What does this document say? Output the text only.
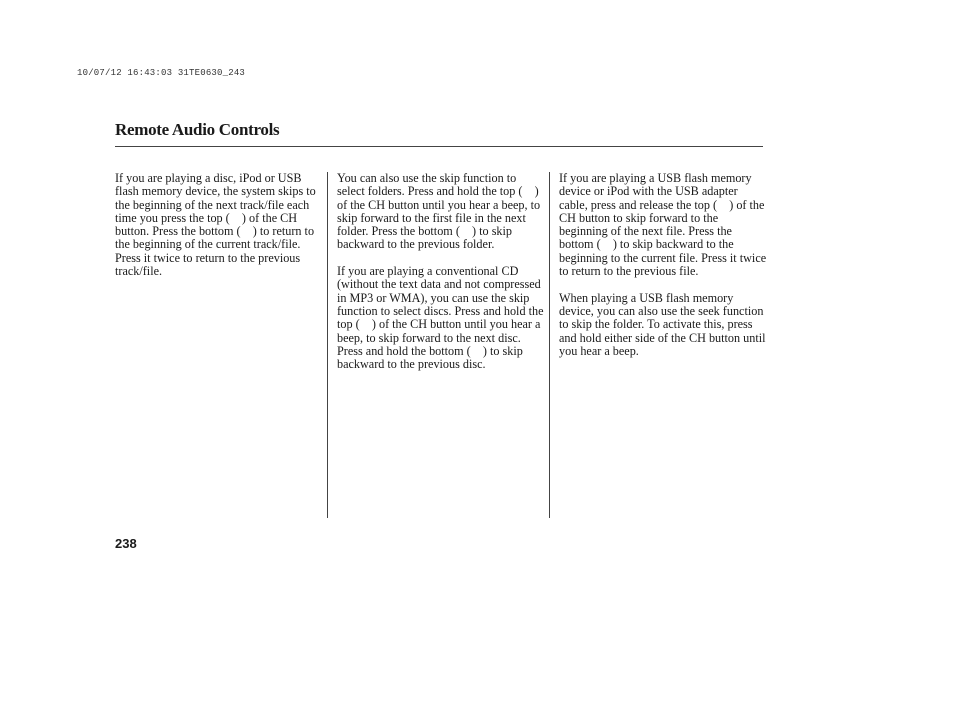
10/07/12 16:43:03 31TE0630_243
Remote Audio Controls

If you are playing a disc, iPod or USB flash memory device, the system skips to the beginning of the next track/file each time you press the top ( ) of the CH button. Press the bottom ( ) to return to the beginning of the current track/file. Press it twice to return to the previous track/file.

You can also use the skip function to select folders. Press and hold the top ( ) of the CH button until you hear a beep, to skip forward to the first file in the next folder. Press the bottom ( ) to skip backward to the previous folder.

If you are playing a conventional CD (without the text data and not compressed in MP3 or WMA), you can use the skip function to select discs. Press and hold the top ( ) of the CH button until you hear a beep, to skip forward to the next disc. Press and hold the bottom ( ) to skip backward to the previous disc.

If you are playing a USB flash memory device or iPod with the USB adapter cable, press and release the top ( ) of the CH button to skip forward to the beginning of the next file. Press the bottom ( ) to skip backward to the beginning to the current file. Press it twice to return to the previous file.

When playing a USB flash memory device, you can also use the seek function to skip the folder. To activate this, press and hold either side of the CH button until you hear a beep.

238
